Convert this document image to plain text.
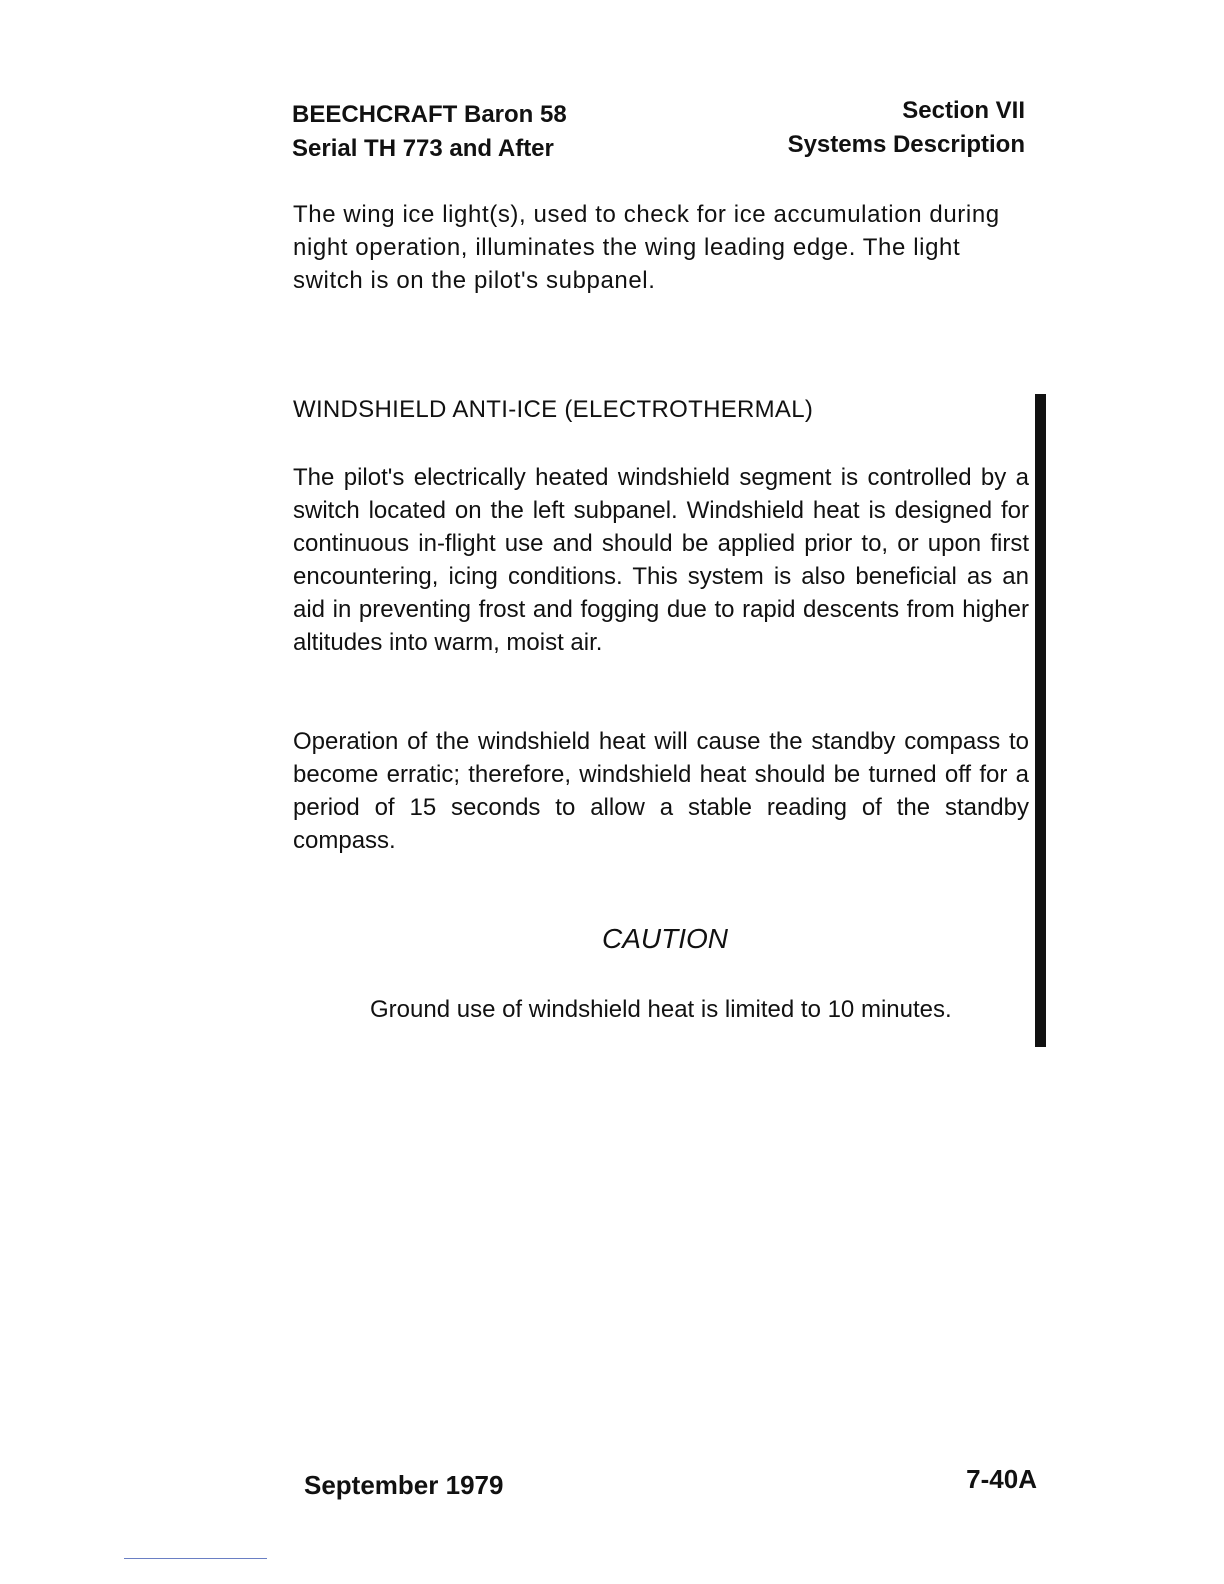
BEECHCRAFT Baron 58
Serial TH 773 and After
Section VII
Systems Description

The wing ice light(s), used to check for ice accumulation during night operation, illuminates the wing leading edge. The light switch is on the pilot's subpanel.

WINDSHIELD ANTI-ICE (ELECTROTHERMAL)

The pilot's electrically heated windshield segment is controlled by a switch located on the left subpanel. Windshield heat is designed for continuous in-flight use and should be applied prior to, or upon first encountering, icing conditions. This system is also beneficial as an aid in preventing frost and fogging due to rapid descents from higher altitudes into warm, moist air.

Operation of the windshield heat will cause the standby compass to become erratic; therefore, windshield heat should be turned off for a period of 15 seconds to allow a stable reading of the standby compass.

CAUTION

Ground use of windshield heat is limited to 10 minutes.

September 1979	7-40A
